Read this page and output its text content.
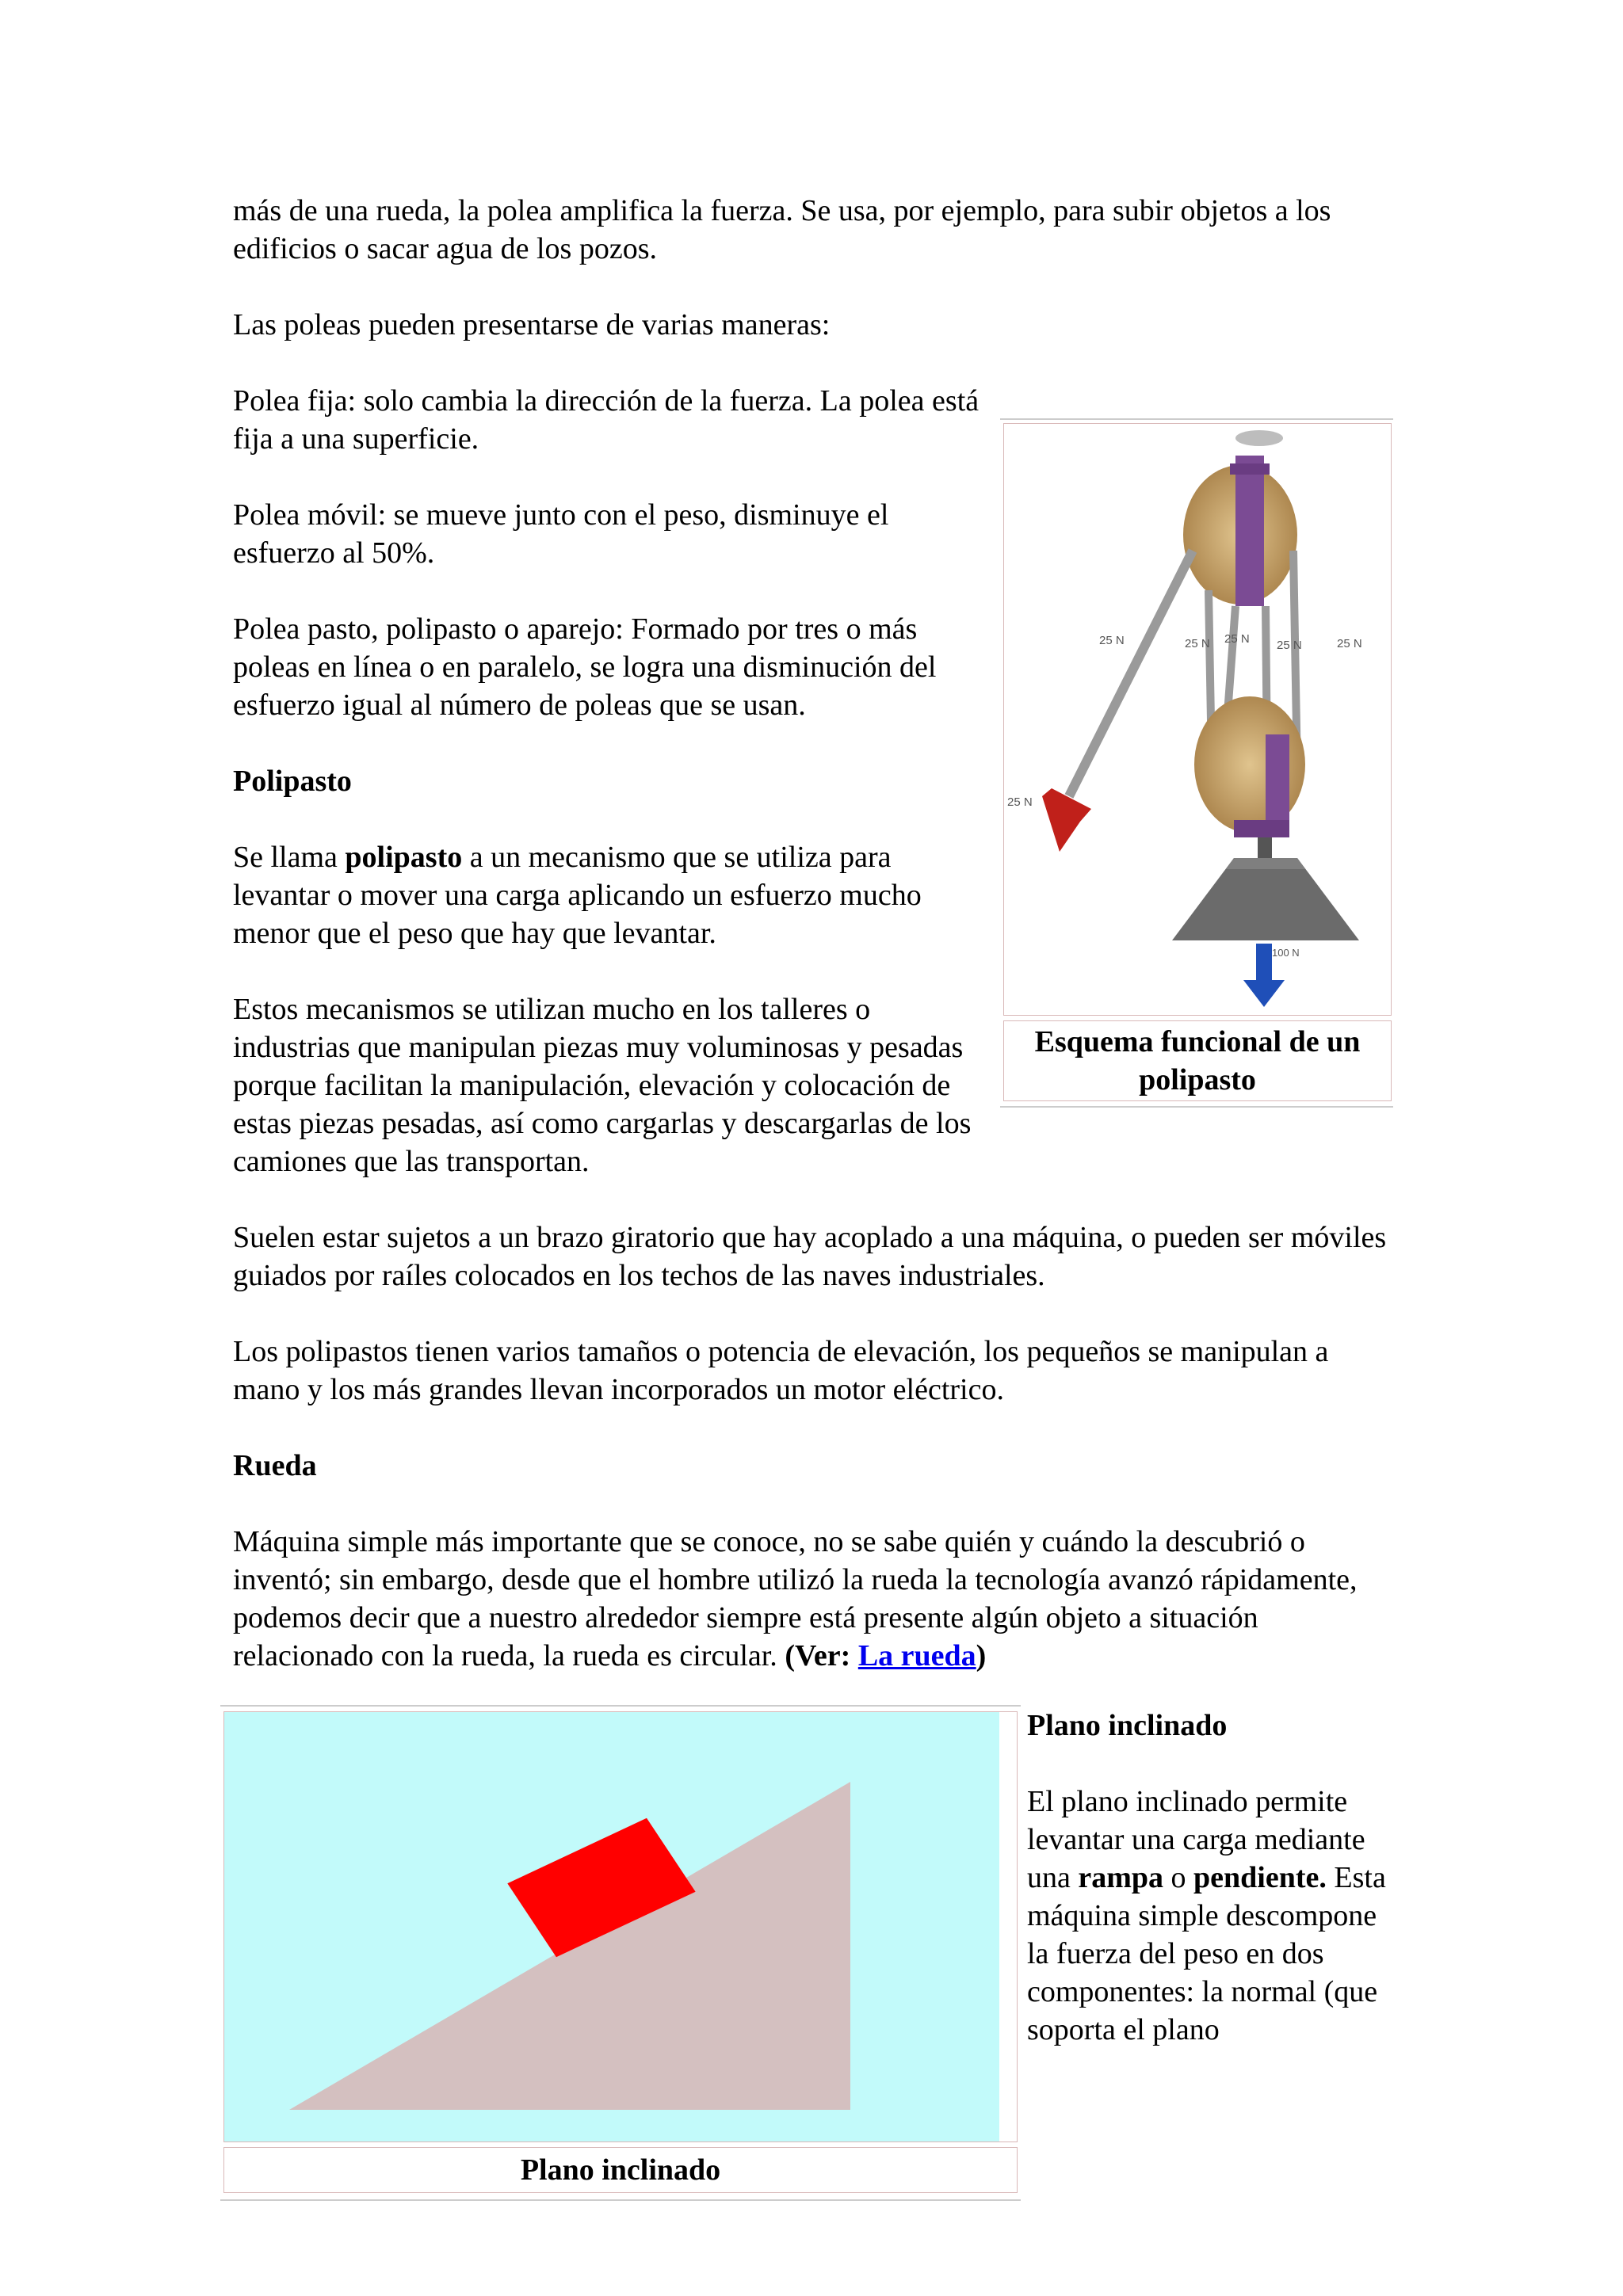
más de una rueda, la polea amplifica la fuerza. Se usa, por ejemplo, para subir objetos a los edificios o sacar agua de los pozos.

Las poleas pueden presentarse de varias maneras:

Polea fija: solo cambia la dirección de la fuerza. La polea está fija a una superficie.

Polea móvil: se mueve junto con el peso, disminuye el esfuerzo al 50%.

Polea pasto, polipasto o aparejo: Formado por tres o más poleas en línea o en paralelo, se logra una disminución del esfuerzo igual al número de poleas que se usan.

Polipasto

Se llama polipasto a un mecanismo que se utiliza para levantar o mover una carga aplicando un esfuerzo mucho menor que el peso que hay que levantar.

Estos mecanismos se utilizan mucho en los talleres o industrias que manipulan piezas muy voluminosas y pesadas porque facilitan la manipulación, elevación y colocación de estas piezas pesadas, así como cargarlas y descargarlas de los camiones que las transportan.

Suelen estar sujetos a un brazo giratorio que hay acoplado a una máquina, o pueden ser móviles guiados por raíles colocados en los techos de las naves industriales.

Los polipastos tienen varios tamaños o potencia de elevación, los pequeños se manipulan a mano y los más grandes llevan incorporados un motor eléctrico.

Rueda

Máquina simple más importante que se conoce, no se sabe quién y cuándo la descubrió o inventó; sin embargo, desde que el hombre utilizó la rueda la tecnología avanzó rápidamente, podemos decir que a nuestro alrededor siempre está presente algún objeto a situación relacionado con la rueda, la rueda es circular. (Ver: La rueda)

25 N	25 N 25 N 25 N	25 N
25 N
100 N
Esquema funcional de un polipasto
Plano inclinado

Plano inclinado

El plano inclinado permite levantar una carga mediante una rampa o pendiente. Esta máquina simple descompone la fuerza del peso en dos componentes: la normal (que soporta el plano
